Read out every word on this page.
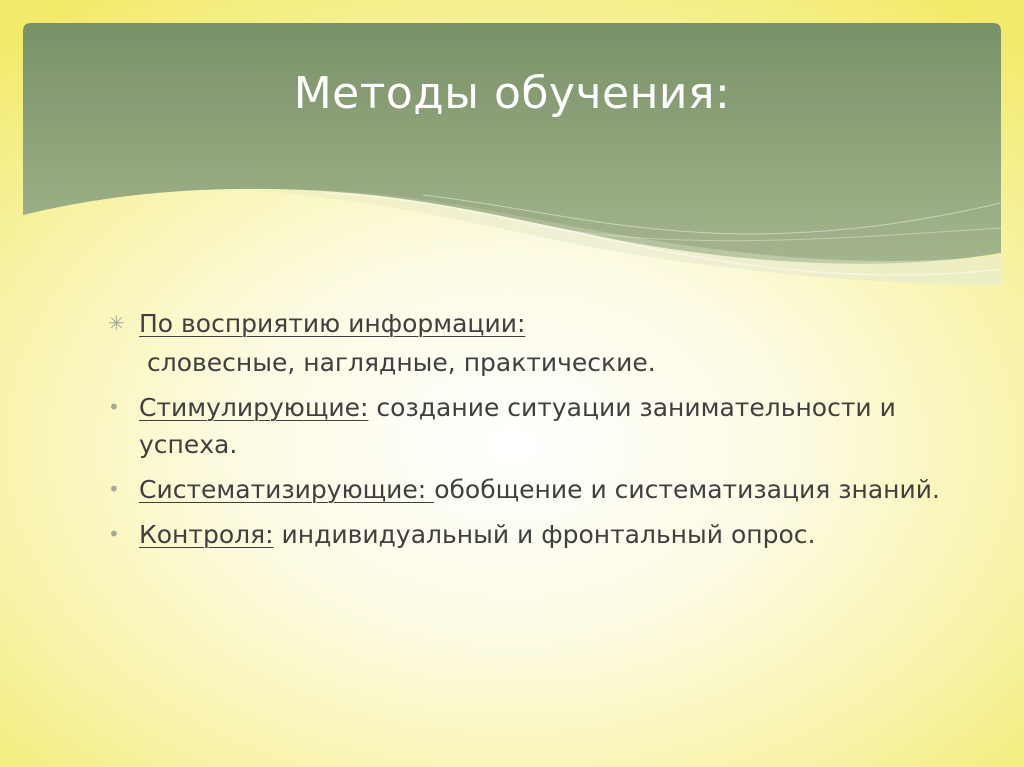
Методы обучения:
✳ По восприятию информации:
словесные, наглядные, практические.
• Стимулирующие: создание ситуации занимательности и успеха.
• Систематизирующие: обобщение и систематизация знаний.
• Контроля: индивидуальный и фронтальный опрос.
